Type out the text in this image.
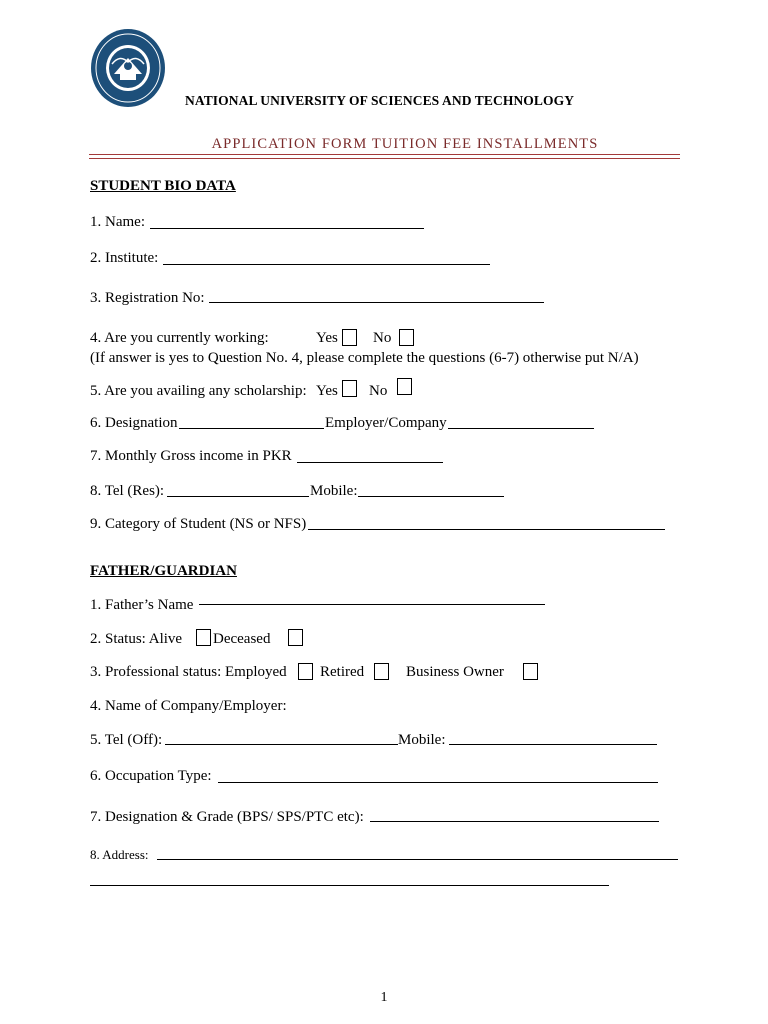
NATIONAL UNIVERSITY OF SCIENCES AND TECHNOLOGY
APPLICATION FORM TUITION FEE INSTALLMENTS
STUDENT BIO DATA
1. Name:
2. Institute:
3. Registration No:
4. Are you currently working:	Yes No
(If answer is yes to Question No. 4, please complete the questions (6-7) otherwise put N/A)
5. Are you availing any scholarship: Yes No
6. Designation	Employer/Company
7. Monthly Gross income in PKR
8. Tel (Res):	Mobile:
9. Category of Student (NS or NFS)
FATHER/GUARDIAN
1. Father’s Name
2. Status: Alive Deceased
3. Professional status: Employed Retired	Business Owner
4. Name of Company/Employer:
5. Tel (Off):	Mobile:
6. Occupation Type:
7. Designation & Grade (BPS/ SPS/PTC etc):
8. Address:
1
